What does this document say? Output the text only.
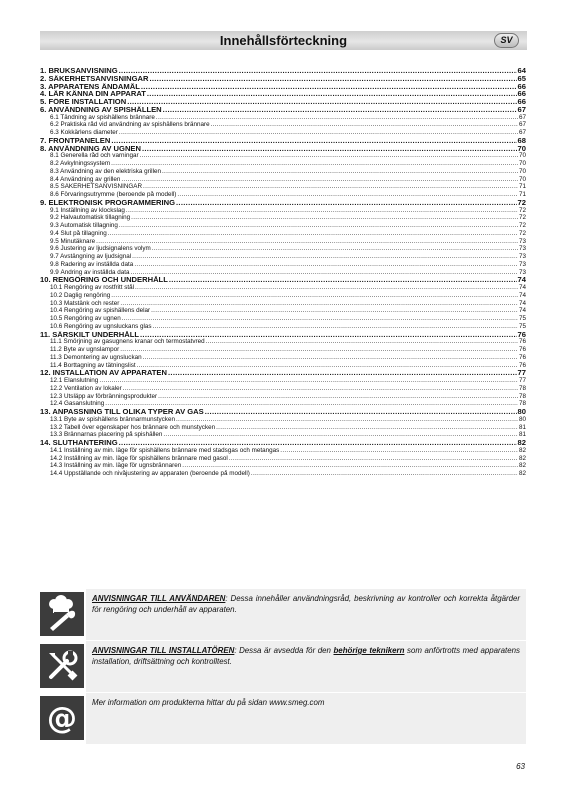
Innehållsförteckning	SV
1. BRUKSANVISNING .....	64
2. SÄKERHETSANVISNINGAR .....	65
3. APPARATENS ÄNDAMÅL .....	66
4. LÄR KÄNNA DIN APPARAT .....	66
5. FÖRE INSTALLATION .....	66
6. ANVÄNDNING AV SPISHÄLLEN .....	67
6.1 Tändning av spishällens brännare .....	67
6.2 Praktiska råd vid användning av spishällens brännare .....	67
6.3 Kokkärlens diameter .....	67
7. FRONTPANELEN .....	68
8. ANVÄNDNING AV UGNEN .....	70
8.1 Generella råd och varningar .....	70
8.2 Avkylningssystem .....	70
8.3 Användning av den elektriska grillen .....	70
8.4 Användning av grillen .....	70
8.5 SÄKERHETSANVISNINGAR .....	71
8.6 Förvaringsutrymme (beroende på modell) .....	71
9. ELEKTRONISK PROGRAMMERING .....	72
9.1 Inställning av klockslag .....	72
9.2 Halvautomatisk tillagning .....	72
9.3 Automatisk tillagning .....	72
9.4 Slut på tillagning .....	72
9.5 Minutäknare .....	73
9.6 Justering av ljudsignalens volym .....	73
9.7 Avstängning av ljudsignal .....	73
9.8 Radering av inställda data .....	73
9.9 Ändring av inställda data .....	73
10. RENGÖRING OCH UNDERHÅLL .....	74
10.1 Rengöring av rostfritt stål .....	74
10.2 Daglig rengöring .....	74
10.3 Matstänk och rester .....	74
10.4 Rengöring av spishällens delar .....	74
10.5 Rengöring av ugnen .....	75
10.6 Rengöring av ugnsluckans glas .....	75
11. SÄRSKILT UNDERHÅLL .....	76
11.1 Smörjning av gasugnens kranar och termostatvred .....	76
11.2 Byte av ugnslampor .....	76
11.3 Demontering av ugnsluckan .....	76
11.4 Borttagning av tätningslist .....	76
12. INSTALLATION AV APPARATEN .....	77
12.1 Elanslutning .....	77
12.2 Ventilation av lokaler .....	78
12.3 Utsläpp av förbränningsprodukter .....	78
12.4 Gasanslutning .....	78
13. ANPASSNING TILL OLIKA TYPER AV GAS .....	80
13.1 Byte av spishällens brännarmunstycken .....	80
13.2 Tabell över egenskaper hos brännare och munstycken .....	81
13.3 Brännarnas placering på spishällen .....	81
14. SLUTHANTERING .....	82
14.1 Inställning av min. läge för spishällens brännare med stadsgas och metangas .....	82
14.2 Inställning av min. läge för spishällens brännare med gasol .....	82
14.3 Inställning av min. läge för ugnsbrännaren .....	82
14.4 Uppställande och nivåjustering av apparaten (beroende på modell) .....	82
ANVISNINGAR TILL ANVÄNDAREN: Dessa innehåller användningsråd, beskrivning av kontroller och korrekta åtgärder för rengöring och underhåll av apparaten.
ANVISNINGAR TILL INSTALLATÖREN: Dessa är avsedda för den behörige teknikern som anförtrotts med apparatens installation, driftsättning och kontrolltest.
@	Mer information om produkterna hittar du på sidan www.smeg.com
63
